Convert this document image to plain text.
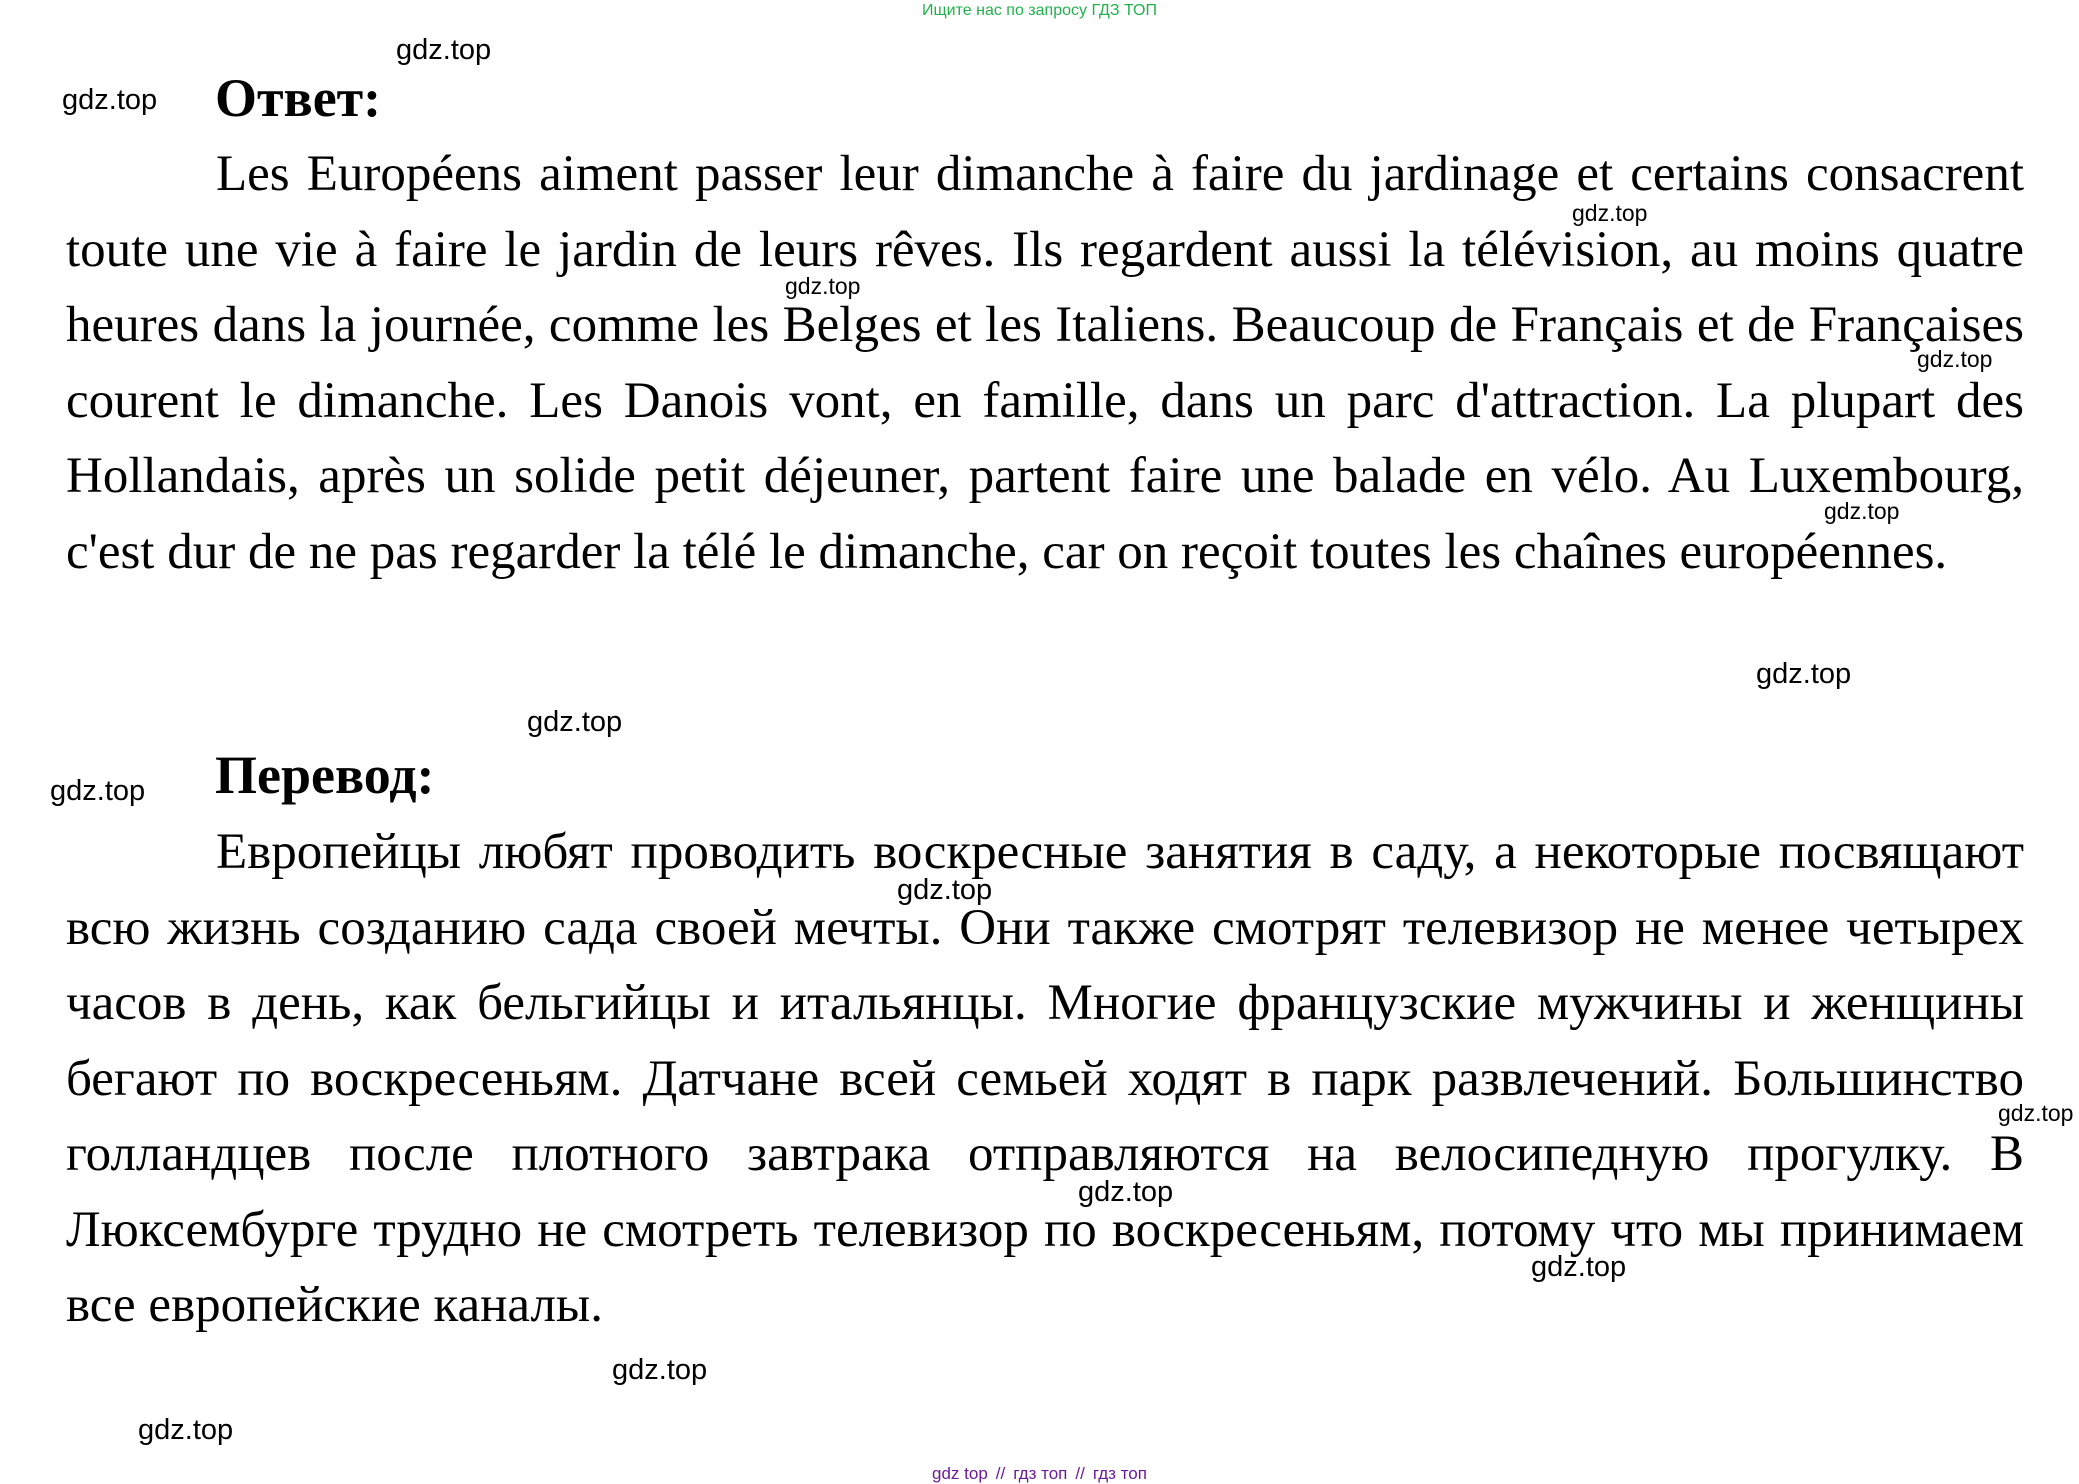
Ищите нас по запросу ГДЗ ТОП
Ответ:

Les Européens aiment passer leur dimanche à faire du jardinage et certains consacrent toute une vie à faire le jardin de leurs rêves. Ils regardent aussi la télévision, au moins quatre heures dans la journée, comme les Belges et les Italiens. Beaucoup de Français et de Françaises courent le dimanche. Les Danois vont, en famille, dans un parc d'attraction. La plupart des Hollandais, après un solide petit déjeuner, partent faire une balade en vélo. Au Luxembourg, c'est dur de ne pas regarder la télé le dimanche, car on reçoit toutes les chaînes européennes.

Перевод:

Европейцы любят проводить воскресные занятия в саду, а некоторые посвящают всю жизнь созданию сада своей мечты. Они также смотрят телевизор не менее четырех часов в день, как бельгийцы и итальянцы. Многие французские мужчины и женщины бегают по воскресеньям. Датчане всей семьей ходят в парк развлечений. Большинство голландцев после плотного завтрака отправляются на велосипедную прогулку. В Люксембурге трудно не смотреть телевизор по воскресеньям, потому что мы принимаем все европейские каналы.

gdz.top
gdz.top
gdz.top
gdz.top
gdz.top
gdz.top
gdz.top
gdz.top
gdz.top
gdz.top
gdz.top
gdz.top
gdz.top
gdz.top
gdz.top
gdz top // гдз топ // гдз топ
